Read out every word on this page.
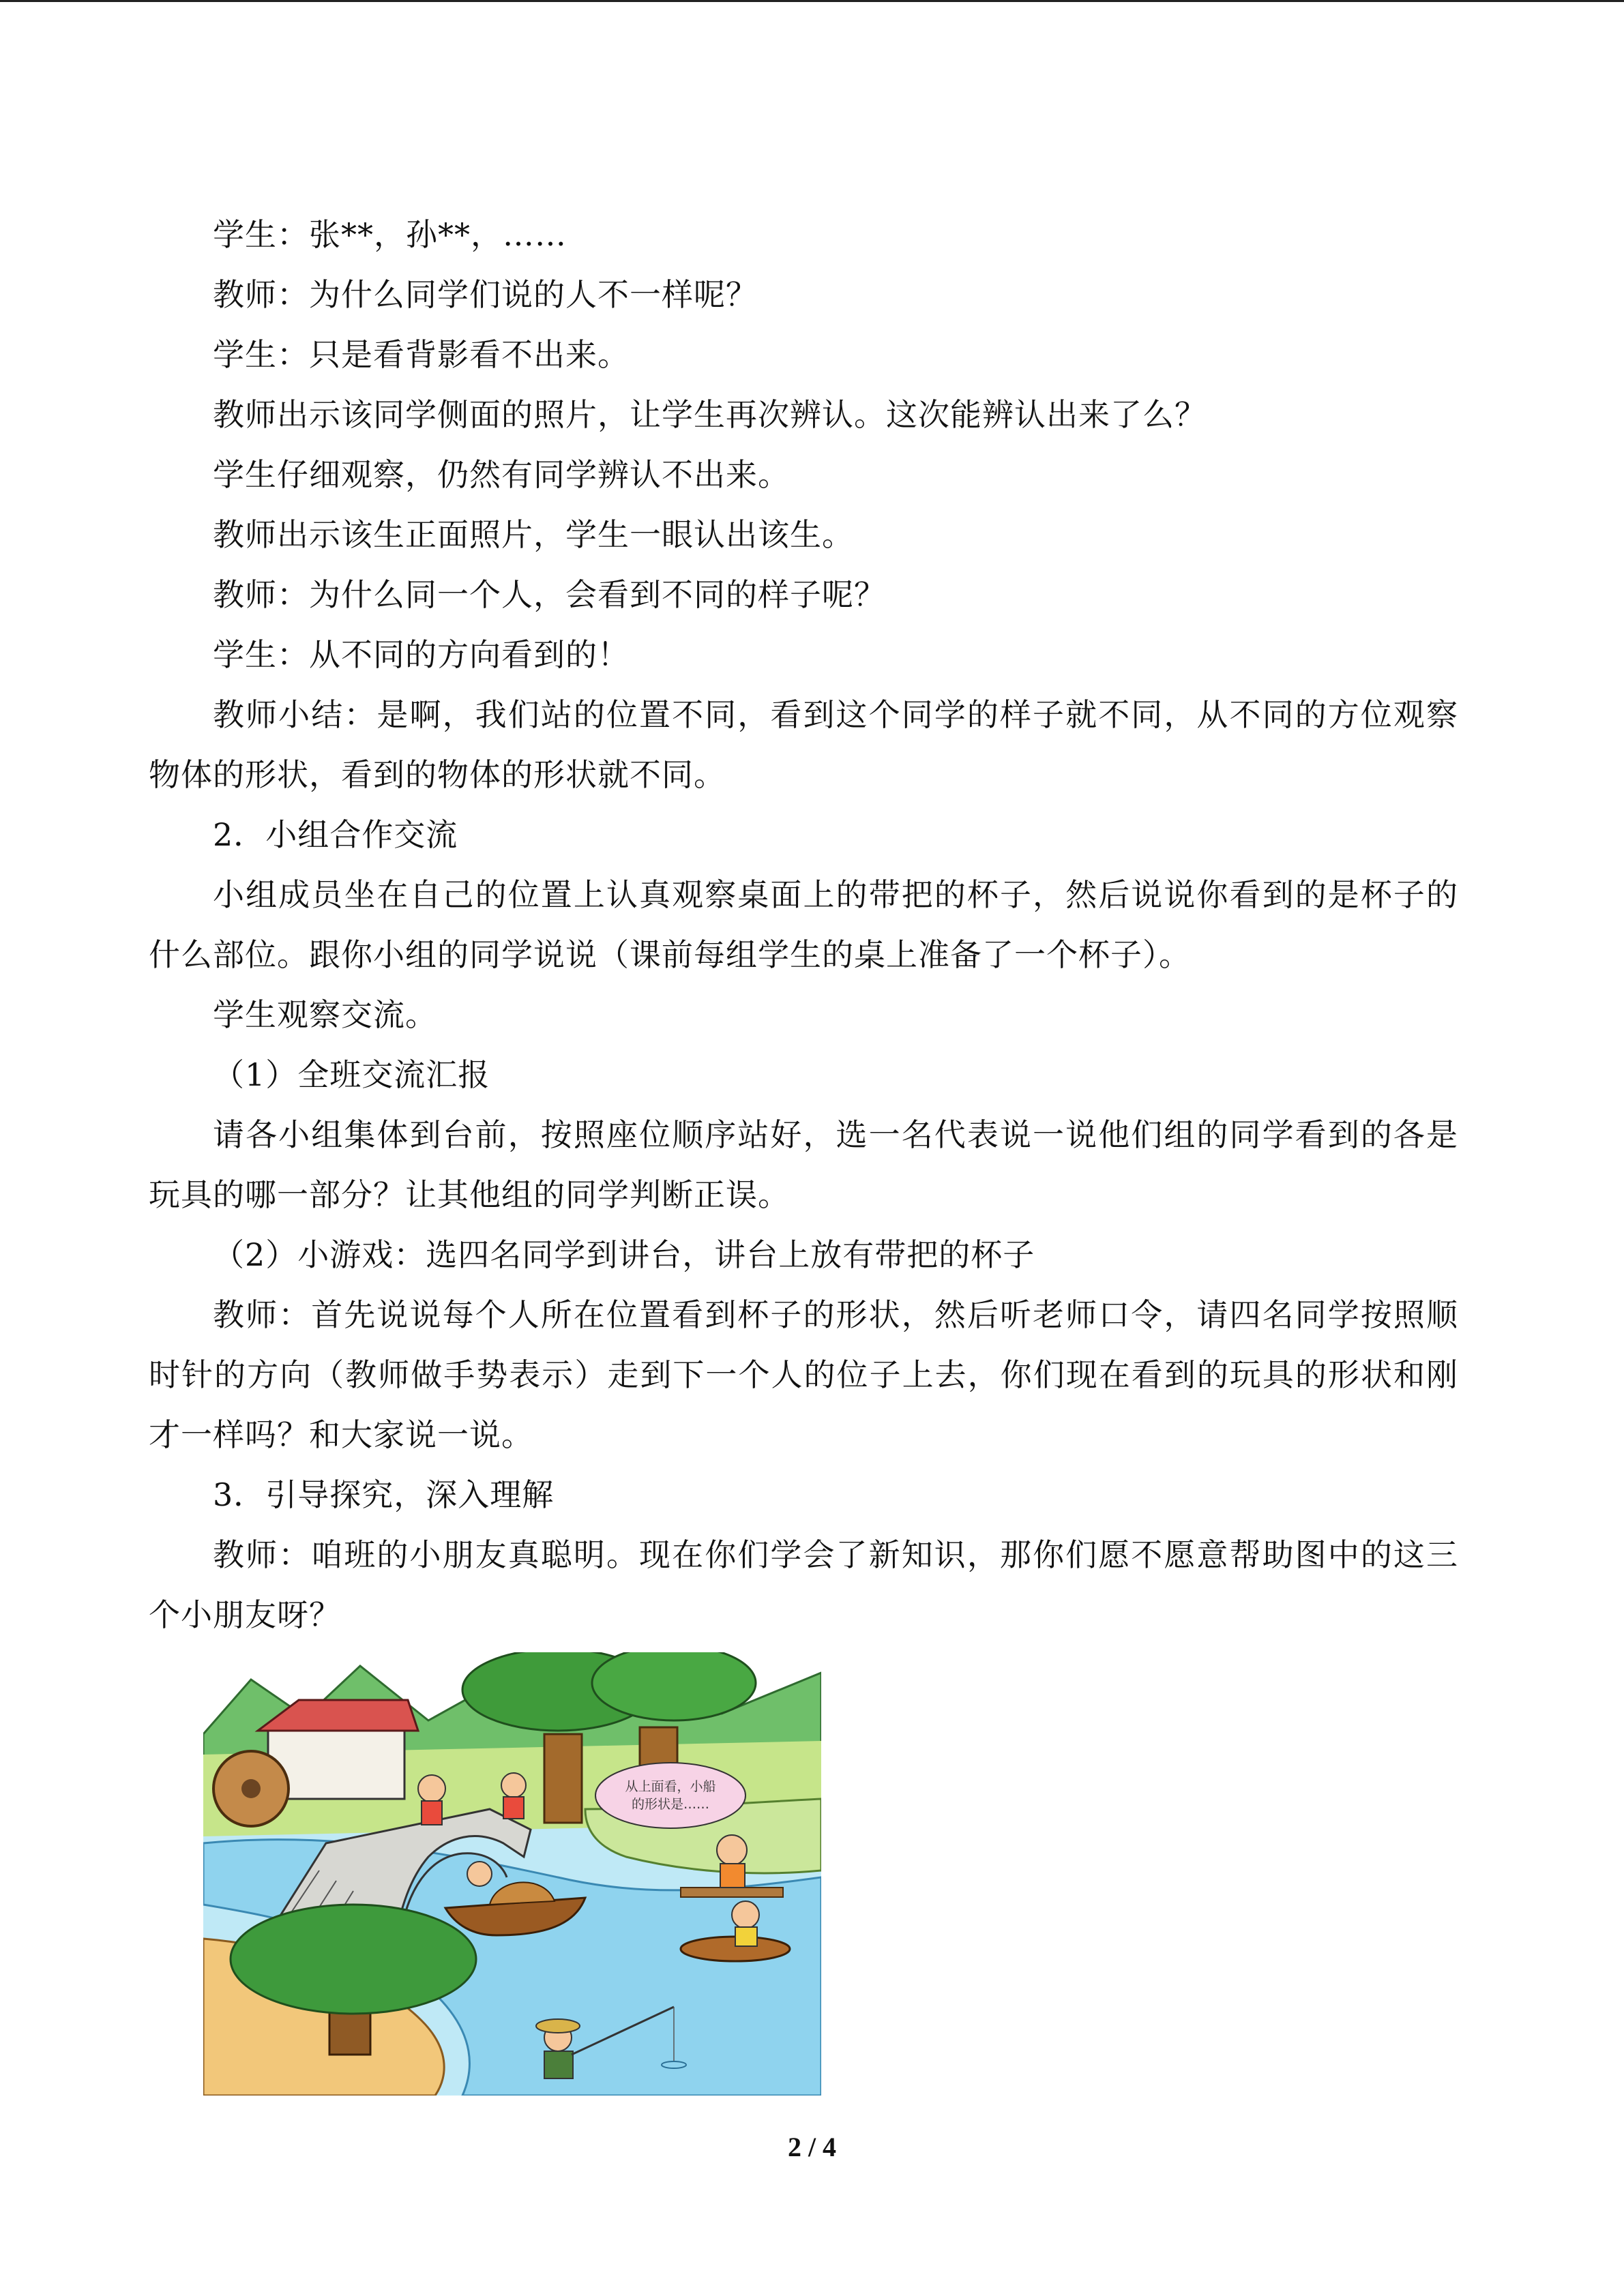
学生：张**，孙**，……

教师：为什么同学们说的人不一样呢？

学生：只是看背影看不出来。

教师出示该同学侧面的照片，让学生再次辨认。这次能辨认出来了么？

学生仔细观察，仍然有同学辨认不出来。

教师出示该生正面照片，学生一眼认出该生。

教师：为什么同一个人，会看到不同的样子呢？

学生：从不同的方向看到的！

教师小结：是啊，我们站的位置不同，看到这个同学的样子就不同，从不同的方位观察物体的形状，看到的物体的形状就不同。

2．小组合作交流

小组成员坐在自己的位置上认真观察桌面上的带把的杯子，然后说说你看到的是杯子的什么部位。跟你小组的同学说说（课前每组学生的桌上准备了一个杯子）。

学生观察交流。

（1）全班交流汇报

请各小组集体到台前，按照座位顺序站好，选一名代表说一说他们组的同学看到的各是玩具的哪一部分？让其他组的同学判断正误。

（2）小游戏：选四名同学到讲台，讲台上放有带把的杯子

教师：首先说说每个人所在位置看到杯子的形状，然后听老师口令，请四名同学按照顺时针的方向（教师做手势表示）走到下一个人的位子上去，你们现在看到的玩具的形状和刚才一样吗？和大家说一说。

3．引导探究，深入理解

教师：咱班的小朋友真聪明。现在你们学会了新知识，那你们愿不愿意帮助图中的这三个小朋友呀？

从上面看，小船
的形状是……
2 / 4
